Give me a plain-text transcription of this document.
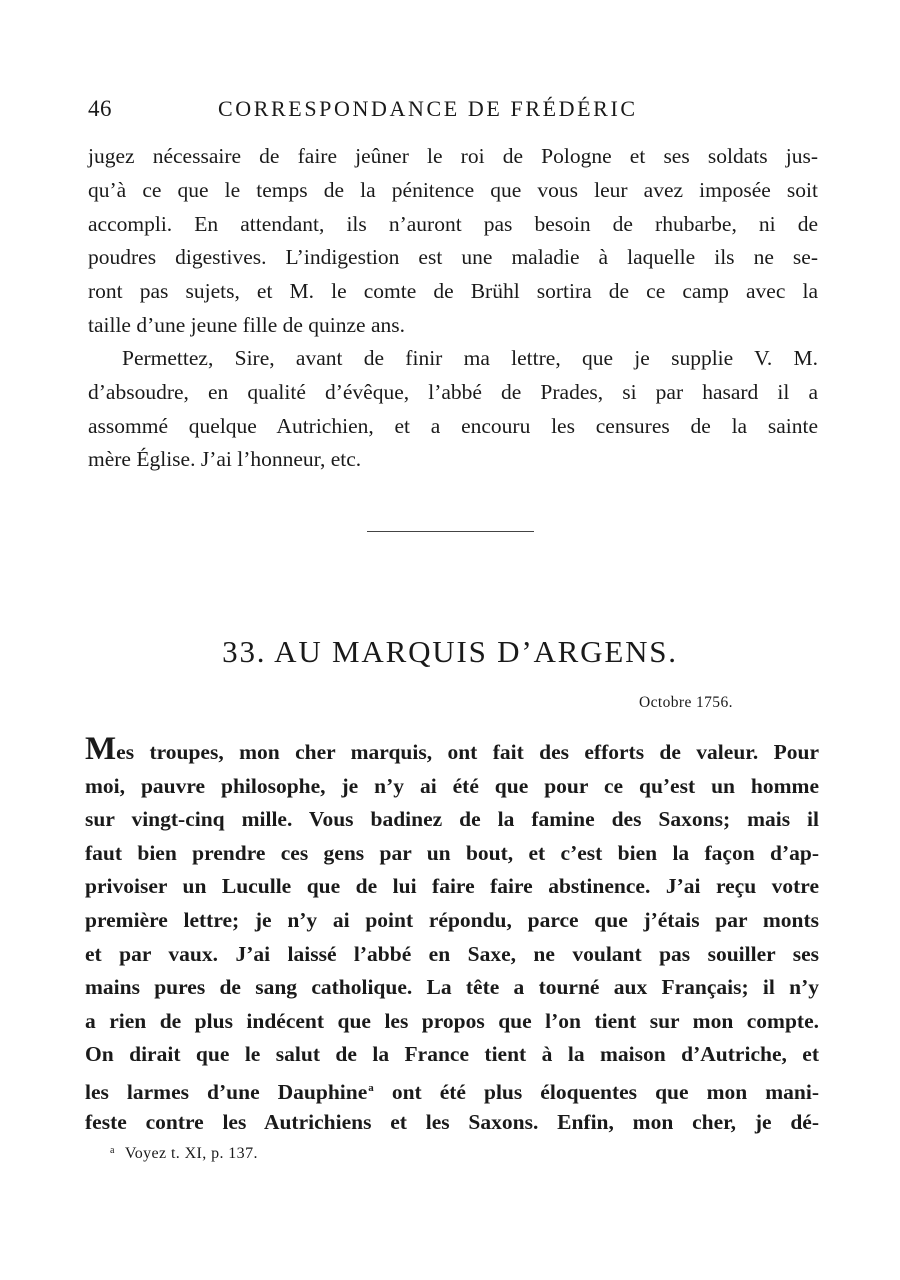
46	CORRESPONDANCE DE FRÉDÉRIC
jugez nécessaire de faire jeûner le roi de Pologne et ses soldats jus-
qu’à ce que le temps de la pénitence que vous leur avez imposée soit
accompli. En attendant, ils n’auront pas besoin de rhubarbe, ni de
poudres digestives. L’indigestion est une maladie à laquelle ils ne se-
ront pas sujets, et M. le comte de Brühl sortira de ce camp avec la
taille d’une jeune fille de quinze ans.
Permettez, Sire, avant de finir ma lettre, que je supplie V. M.
d’absoudre, en qualité d’évêque, l’abbé de Prades, si par hasard il a
assommé quelque Autrichien, et a encouru les censures de la sainte
mère Église. J’ai l’honneur, etc.
33. AU MARQUIS D’ARGENS.
Octobre 1756.
Mes troupes, mon cher marquis, ont fait des efforts de valeur. Pour
moi, pauvre philosophe, je n’y ai été que pour ce qu’est un homme
sur vingt-cinq mille. Vous badinez de la famine des Saxons; mais il
faut bien prendre ces gens par un bout, et c’est bien la façon d’ap-
privoiser un Luculle que de lui faire faire abstinence. J’ai reçu votre
première lettre; je n’y ai point répondu, parce que j’étais par monts
et par vaux. J’ai laissé l’abbé en Saxe, ne voulant pas souiller ses
mains pures de sang catholique. La tête a tourné aux Français; il n’y
a rien de plus indécent que les propos que l’on tient sur mon compte.
On dirait que le salut de la France tient à la maison d’Autriche, et
les larmes d’une Dauphine$^a$ ont été plus éloquentes que mon mani-
feste contre les Autrichiens et les Saxons. Enfin, mon cher, je dé-
$^a$ Voyez t. XI, p. 137.
